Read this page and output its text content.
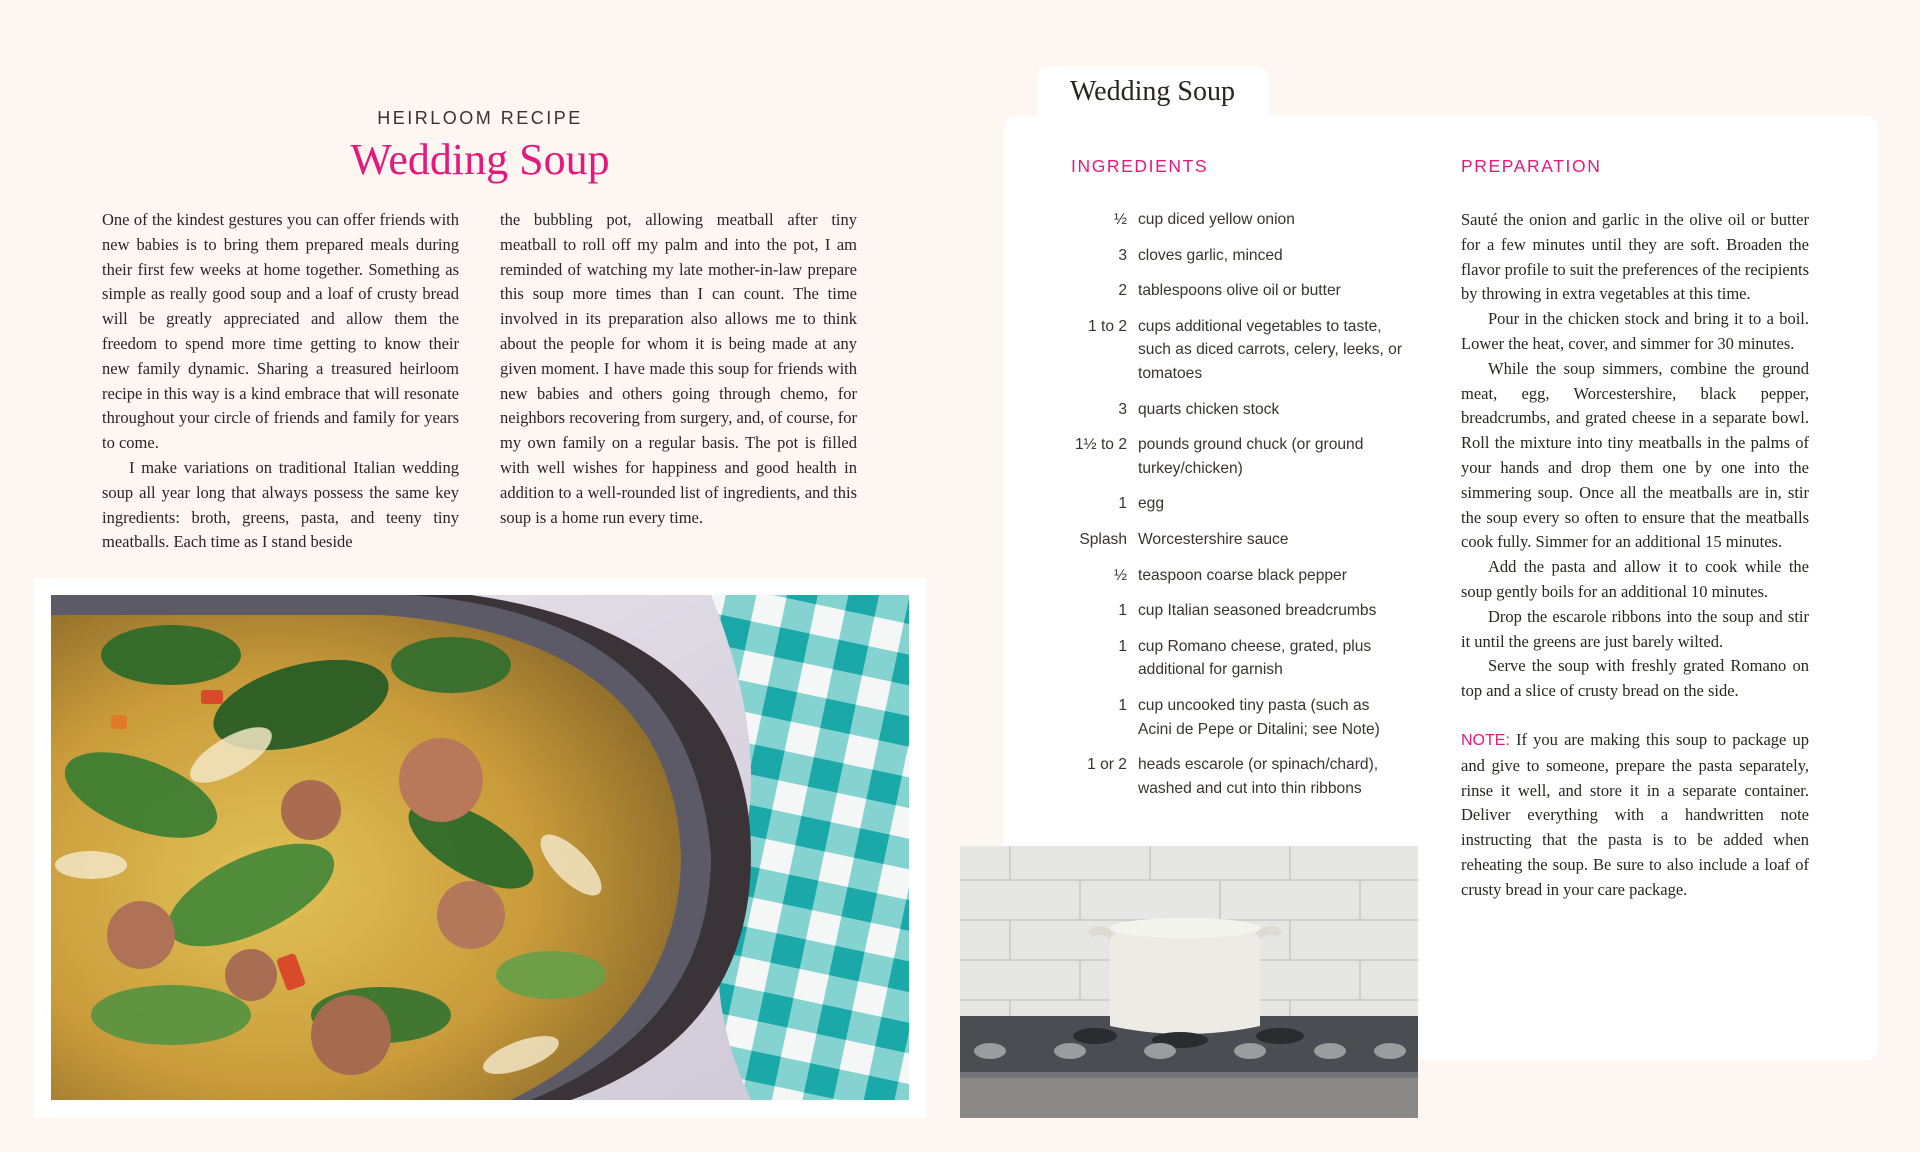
HEIRLOOM RECIPE
Wedding Soup

One of the kindest gestures you can offer friends with new babies is to bring them prepared meals during their first few weeks at home together. Something as simple as really good soup and a loaf of crusty bread will be greatly appreciated and allow them the freedom to spend more time getting to know their new family dynamic. Sharing a treasured heirloom recipe in this way is a kind embrace that will resonate throughout your circle of friends and family for years to come.

I make variations on traditional Italian wedding soup all year long that always possess the same key ingredients: broth, greens, pasta, and teeny tiny meatballs. Each time as I stand beside

the bubbling pot, allowing meatball after tiny meatball to roll off my palm and into the pot, I am reminded of watching my late mother-in-law prepare this soup more times than I can count. The time involved in its preparation also allows me to think about the people for whom it is being made at any given moment. I have made this soup for friends with new babies and others going through chemo, for neighbors recovering from surgery, and, of course, for my own family on a regular basis. The pot is filled with well wishes for happiness and good health in addition to a well-rounded list of ingredients, and this soup is a home run every time.

Wedding Soup
INGREDIENTS	PREPARATION
½ cup diced yellow onion
3 cloves garlic, minced
2 tablespoons olive oil or butter
1 to 2 cups additional vegetables to taste, such as diced carrots, celery, leeks, or tomatoes
3 quarts chicken stock
1½ to 2 pounds ground chuck (or ground turkey/chicken)
1 egg
Splash Worcestershire sauce
½ teaspoon coarse black pepper
1 cup Italian seasoned breadcrumbs
1 cup Romano cheese, grated, plus additional for garnish
1 cup uncooked tiny pasta (such as Acini de Pepe or Ditalini; see Note)
1 or 2 heads escarole (or spinach/chard), washed and cut into thin ribbons

Sauté the onion and garlic in the olive oil or butter for a few minutes until they are soft. Broaden the flavor profile to suit the preferences of the recipients by throwing in extra vegetables at this time.

Pour in the chicken stock and bring it to a boil. Lower the heat, cover, and simmer for 30 minutes.

While the soup simmers, combine the ground meat, egg, Worcestershire, black pepper, breadcrumbs, and grated cheese in a separate bowl. Roll the mixture into tiny meatballs in the palms of your hands and drop them one by one into the simmering soup. Once all the meatballs are in, stir the soup every so often to ensure that the meatballs cook fully. Simmer for an additional 15 minutes.

Add the pasta and allow it to cook while the soup gently boils for an additional 10 minutes.

Drop the escarole ribbons into the soup and stir it until the greens are just barely wilted.

Serve the soup with freshly grated Romano on top and a slice of crusty bread on the side.

NOTE: If you are making this soup to package up and give to someone, prepare the pasta separately, rinse it well, and store it in a separate container. Deliver everything with a handwritten note instructing that the pasta is to be added when reheating the soup. Be sure to also include a loaf of crusty bread in your care package.
